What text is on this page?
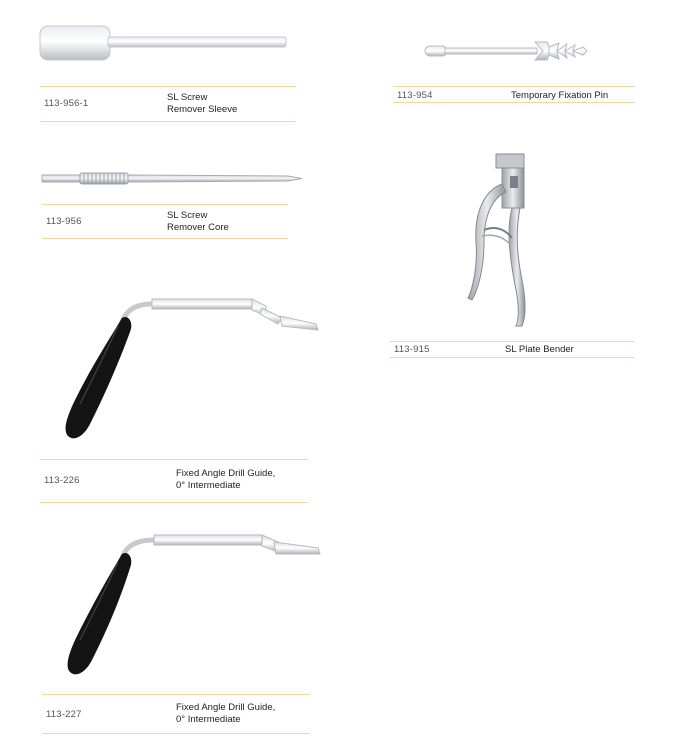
113-956-1
SL Screw
Remover Sleeve
113-954	Temporary Fixation Pin
113-956
SL Screw
Remover Core
113-915	SL Plate Bender
113-226
Fixed Angle Drill Guide,
0° Intermediate
113-227
Fixed Angle Drill Guide,
0° Intermediate
